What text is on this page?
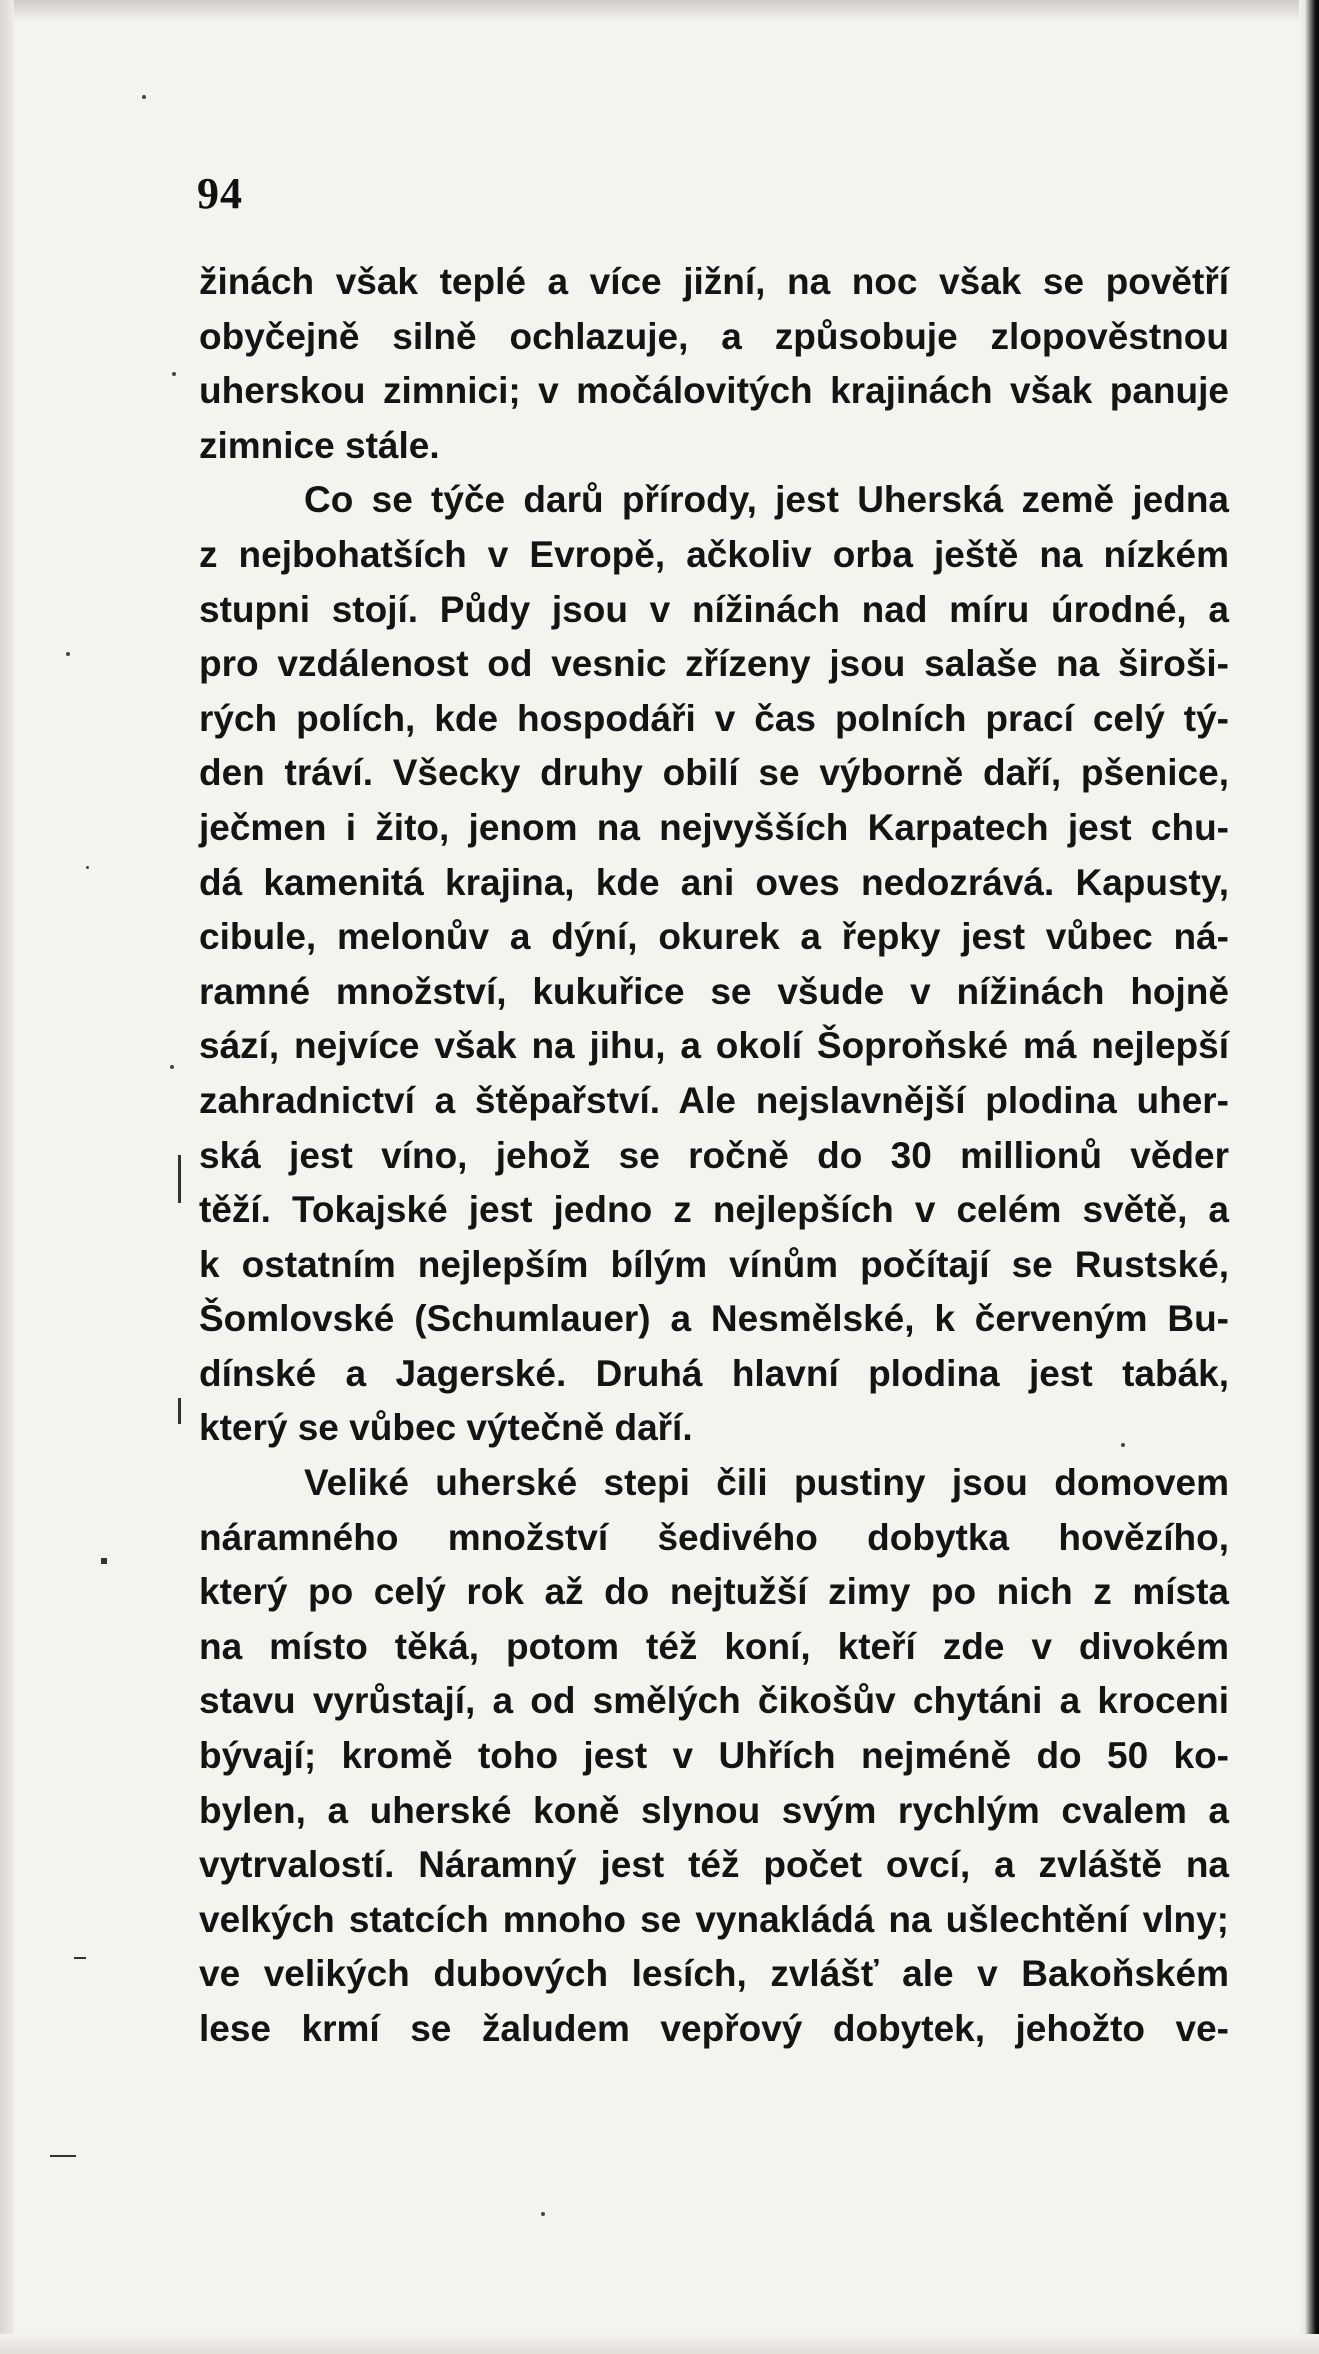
94
žinách však teplé a více jižní, na noc však se povětří
obyčejně silně ochlazuje, a způsobuje zlopověstnou
uherskou zimnici; v močálovitých krajinách však panuje
zimnice stále.
Co se týče darů přírody, jest Uherská země jedna
z nejbohatších v Evropě, ačkoliv orba ještě na nízkém
stupni stojí. Půdy jsou v nížinách nad míru úrodné, a
pro vzdálenost od vesnic zřízeny jsou salaše na široši-
rých polích, kde hospodáři v čas polních prací celý tý-
den tráví. Všecky druhy obilí se výborně daří, pšenice,
ječmen i žito, jenom na nejvyšších Karpatech jest chu-
dá kamenitá krajina, kde ani oves nedozrává. Kapusty,
cibule, melonův a dýní, okurek a řepky jest vůbec ná-
ramné množství, kukuřice se všude v nížinách hojně
sází, nejvíce však na jihu, a okolí Šoproňské má nejlepší
zahradnictví a štěpařství. Ale nejslavnější plodina uher-
ská jest víno, jehož se ročně do 30 millionů věder
těží. Tokajské jest jedno z nejlepších v celém světě, a
k ostatním nejlepším bílým vínům počítají se Rustské,
Šomlovské (Schumlauer) a Nesmělské, k červeným Bu-
dínské a Jagerské. Druhá hlavní plodina jest tabák,
který se vůbec výtečně daří.
Veliké uherské stepi čili pustiny jsou domovem
náramného množství šedivého dobytka hovězího,
který po celý rok až do nejtužší zimy po nich z místa
na místo těká, potom též koní, kteří zde v divokém
stavu vyrůstají, a od smělých čikošův chytáni a kroceni
bývají; kromě toho jest v Uhřích nejméně do 50 ko-
bylen, a uherské koně slynou svým rychlým cvalem a
vytrvalostí. Náramný jest též počet ovcí, a zvláště na
velkých statcích mnoho se vynakládá na ušlechtění vlny;
ve velikých dubových lesích, zvlášť ale v Bakoňském
lese krmí se žaludem vepřový dobytek, jehožto ve-
